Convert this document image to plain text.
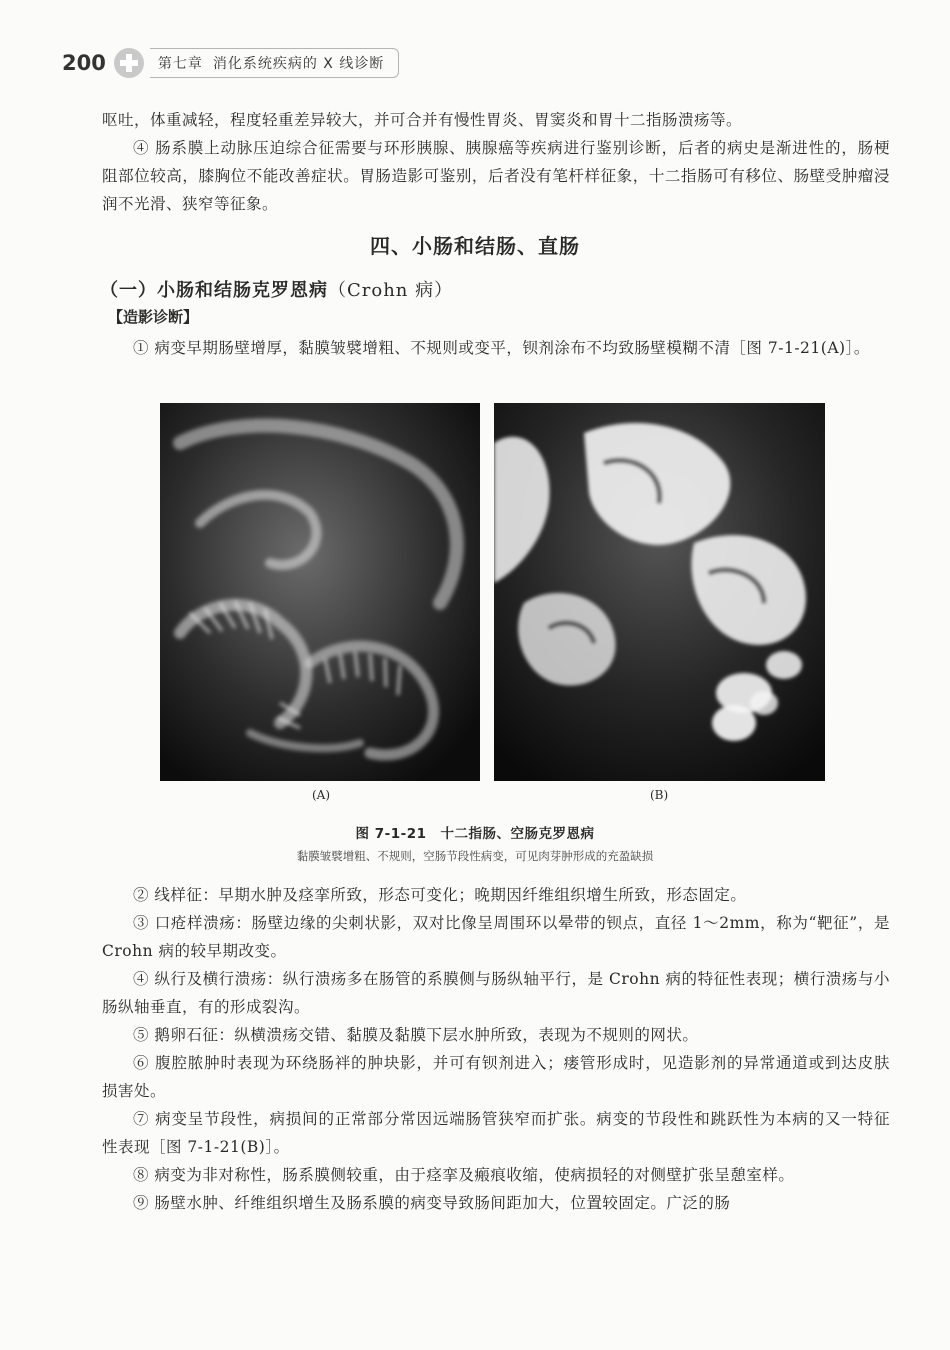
200	第七章 消化系统疾病的 X 线诊断

呕吐，体重减轻，程度轻重差异较大，并可合并有慢性胃炎、胃窦炎和胃十二指肠溃疡等。

④ 肠系膜上动脉压迫综合征需要与环形胰腺、胰腺癌等疾病进行鉴别诊断，后者的病史是渐进性的，肠梗阻部位较高，膝胸位不能改善症状。胃肠造影可鉴别，后者没有笔杆样征象，十二指肠可有移位、肠壁受肿瘤浸润不光滑、狭窄等征象。

四、小肠和结肠、直肠
（一）小肠和结肠克罗恩病（Crohn 病）
【造影诊断】
① 病变早期肠壁增厚，黏膜皱襞增粗、不规则或变平，钡剂涂布不均致肠壁模糊不清［图 7-1-21(A)］。
(A)	(B)
图 7-1-21 十二指肠、空肠克罗恩病
黏膜皱襞增粗、不规则，空肠节段性病变，可见肉芽肿形成的充盈缺损

② 线样征：早期水肿及痉挛所致，形态可变化；晚期因纤维组织增生所致，形态固定。

③ 口疮样溃疡：肠壁边缘的尖刺状影，双对比像呈周围环以晕带的钡点，直径 1～2mm，称为“靶征”，是 Crohn 病的较早期改变。

④ 纵行及横行溃疡：纵行溃疡多在肠管的系膜侧与肠纵轴平行，是 Crohn 病的特征性表现；横行溃疡与小肠纵轴垂直，有的形成裂沟。

⑤ 鹅卵石征：纵横溃疡交错、黏膜及黏膜下层水肿所致，表现为不规则的网状。

⑥ 腹腔脓肿时表现为环绕肠袢的肿块影，并可有钡剂进入；瘘管形成时，见造影剂的异常通道或到达皮肤损害处。

⑦ 病变呈节段性，病损间的正常部分常因远端肠管狭窄而扩张。病变的节段性和跳跃性为本病的又一特征性表现［图 7-1-21(B)］。

⑧ 病变为非对称性，肠系膜侧较重，由于痉挛及瘢痕收缩，使病损轻的对侧壁扩张呈憩室样。

⑨ 肠壁水肿、纤维组织增生及肠系膜的病变导致肠间距加大，位置较固定。广泛的肠
